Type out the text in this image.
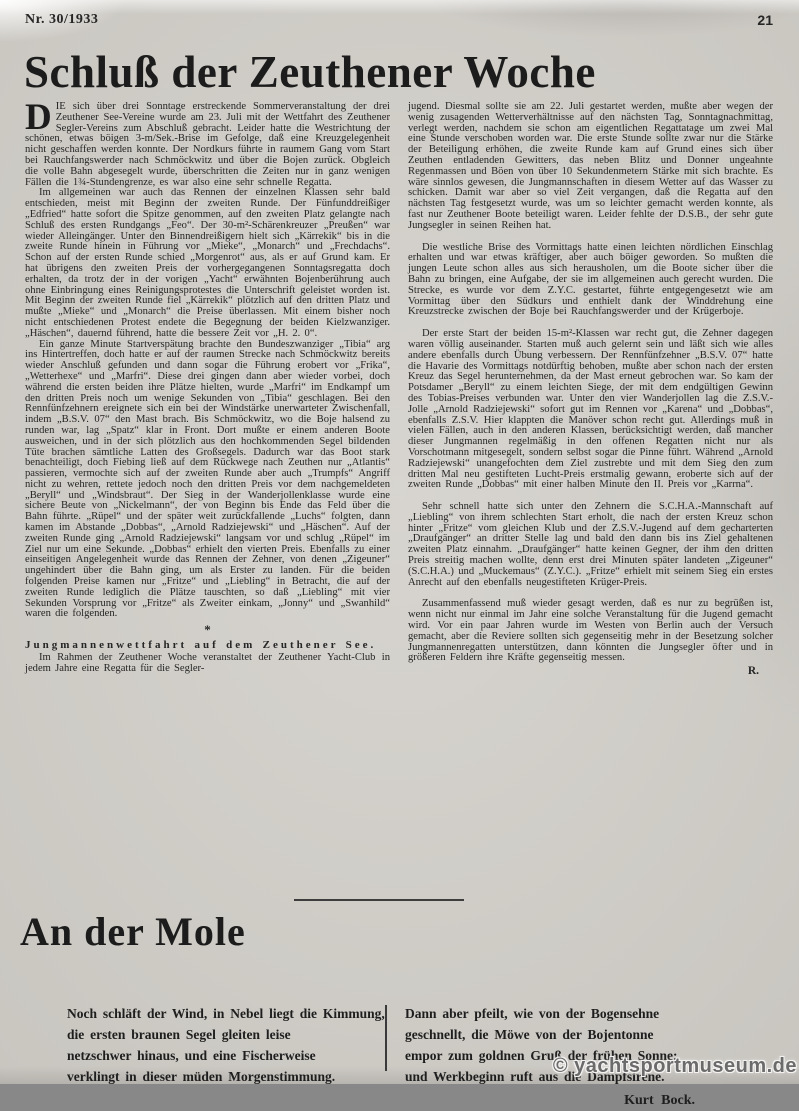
Nr. 30/1933	21
Schluß der Zeuthener Woche

DIE sich über drei Sonntage erstreckende Sommerveranstaltung der drei Zeuthener See-Vereine wurde am 23. Juli mit der Wettfahrt des Zeuthener Segler-Vereins zum Abschluß gebracht. Leider hatte die Westrichtung der schönen, etwas böigen 3-m/Sek.-Brise im Gefolge, daß eine Kreuzgelegenheit nicht geschaffen werden konnte. Der Nordkurs führte in raumem Gang vom Start bei Rauchfangswerder nach Schmöckwitz und über die Bojen zurück. Obgleich die volle Bahn abgesegelt wurde, überschritten die Zeiten nur in ganz wenigen Fällen die 1¾-Stundengrenze, es war also eine sehr schnelle Regatta.

Im allgemeinen war auch das Rennen der einzelnen Klassen sehr bald entschieden, meist mit Beginn der zweiten Runde. Der Fünfunddreißiger „Edfried“ hatte sofort die Spitze genommen, auf den zweiten Platz gelangte nach Schluß des ersten Rundgangs „Feo“. Der 30-m²-Schärenkreuzer „Preußen“ war wieder Alleingänger. Unter den Binnendreißigern hielt sich „Kärrekik“ bis in die zweite Runde hinein in Führung vor „Mieke“, „Monarch“ und „Frechdachs“. Schon auf der ersten Runde schied „Morgenrot“ aus, als er auf Grund kam. Er hat übrigens den zweiten Preis der vorhergegangenen Sonntagsregatta doch erhalten, da trotz der in der vorigen „Yacht“ erwähnten Bojenberührung auch ohne Einbringung eines Reinigungsprotestes die Unterschrift geleistet worden ist. Mit Beginn der zweiten Runde fiel „Kärrekik“ plötzlich auf den dritten Platz und mußte „Mieke“ und „Monarch“ die Preise überlassen. Mit einem bisher noch nicht entschiedenen Protest endete die Begegnung der beiden Kielzwanziger. „Häschen“, dauernd führend, hatte die bessere Zeit vor „H. 2. 0“.

Ein ganze Minute Startverspätung brachte den Bundeszwanziger „Tibia“ arg ins Hintertreffen, doch hatte er auf der raumen Strecke nach Schmöckwitz bereits wieder Anschluß gefunden und dann sogar die Führung erobert vor „Frika“, „Wetterhexe“ und „Marfri“. Diese drei gingen dann aber wieder vorbei, doch während die ersten beiden ihre Plätze hielten, wurde „Marfri“ im Endkampf um den dritten Preis noch um wenige Sekunden von „Tibia“ geschlagen. Bei den Rennfünfzehnern ereignete sich ein bei der Windstärke unerwarteter Zwischenfall, indem „B.S.V. 07“ den Mast brach. Bis Schmöckwitz, wo die Boje halsend zu runden war, lag „Spatz“ klar in Front. Dort mußte er einem anderen Boote ausweichen, und in der sich plötzlich aus den hochkommenden Segel bildenden Tüte brachen sämtliche Latten des Großsegels. Dadurch war das Boot stark benachteiligt, doch Fiebing ließ auf dem Rückwege nach Zeuthen nur „Atlantis“ passieren, vermochte sich auf der zweiten Runde aber auch „Trumpfs“ Angriff nicht zu wehren, rettete jedoch noch den dritten Preis vor dem nachgemeldeten „Beryll“ und „Windsbraut“. Der Sieg in der Wanderjollenklasse wurde eine sichere Beute von „Nickelmann“, der von Beginn bis Ende das Feld über die Bahn führte. „Rüpel“ und der später weit zurückfallende „Luchs“ folgten, dann kamen im Abstande „Dobbas“, „Arnold Radziejewski“ und „Häschen“. Auf der zweiten Runde ging „Arnold Radziejewski“ langsam vor und schlug „Rüpel“ im Ziel nur um eine Sekunde. „Dobbas“ erhielt den vierten Preis. Ebenfalls zu einer einseitigen Angelegenheit wurde das Rennen der Zehner, von denen „Zigeuner“ ungehindert über die Bahn ging, um als Erster zu landen. Für die beiden folgenden Preise kamen nur „Fritze“ und „Liebling“ in Betracht, die auf der zweiten Runde lediglich die Plätze tauschten, so daß „Liebling“ mit vier Sekunden Vorsprung vor „Fritze“ als Zweiter einkam, „Jonny“ und „Swanhild“ waren die folgenden.

*

Jungmannenwettfahrt auf dem Zeuthener See.

Im Rahmen der Zeuthener Woche veranstaltet der Zeuthener Yacht-Club in jedem Jahre eine Regatta für die Segler-

jugend. Diesmal sollte sie am 22. Juli gestartet werden, mußte aber wegen der wenig zusagenden Wetterverhältnisse auf den nächsten Tag, Sonntagnachmittag, verlegt werden, nachdem sie schon am eigentlichen Regattatage um zwei Mal eine Stunde verschoben worden war. Die erste Stunde sollte zwar nur die Stärke der Beteiligung erhöhen, die zweite Runde kam auf Grund eines sich über Zeuthen entladenden Gewitters, das neben Blitz und Donner ungeahnte Regenmassen und Böen von über 10 Sekundenmetern Stärke mit sich brachte. Es wäre sinnlos gewesen, die Jungmannschaften in diesem Wetter auf das Wasser zu schicken. Damit war aber so viel Zeit vergangen, daß die Regatta auf den nächsten Tag festgesetzt wurde, was um so leichter gemacht werden konnte, als fast nur Zeuthener Boote beteiligt waren. Leider fehlte der D.S.B., der sehr gute Jungsegler in seinen Reihen hat.

Die westliche Brise des Vormittags hatte einen leichten nördlichen Einschlag erhalten und war etwas kräftiger, aber auch böiger geworden. So mußten die jungen Leute schon alles aus sich herausholen, um die Boote sicher über die Bahn zu bringen, eine Aufgabe, der sie im allgemeinen auch gerecht wurden. Die Strecke, es wurde vor dem Z.Y.C. gestartet, führte entgegengesetzt wie am Vormittag über den Südkurs und enthielt dank der Winddrehung eine Kreuzstrecke zwischen der Boje bei Rauchfangswerder und der Krügerboje.

Der erste Start der beiden 15-m²-Klassen war recht gut, die Zehner dagegen waren völlig auseinander. Starten muß auch gelernt sein und läßt sich wie alles andere ebenfalls durch Übung verbessern. Der Rennfünfzehner „B.S.V. 07“ hatte die Havarie des Vormittags notdürftig behoben, mußte aber schon nach der ersten Kreuz das Segel herunternehmen, da der Mast erneut gebrochen war. So kam der Potsdamer „Beryll“ zu einem leichten Siege, der mit dem endgültigen Gewinn des Tobias-Preises verbunden war. Unter den vier Wanderjollen lag die Z.S.V.-Jolle „Arnold Radziejewski“ sofort gut im Rennen vor „Karena“ und „Dobbas“, ebenfalls Z.S.V. Hier klappten die Manöver schon recht gut. Allerdings muß in vielen Fällen, auch in den anderen Klassen, berücksichtigt werden, daß mancher dieser Jungmannen regelmäßig in den offenen Regatten nicht nur als Vorschotmann mitgesegelt, sondern selbst sogar die Pinne führt. Während „Arnold Radziejewski“ unangefochten dem Ziel zustrebte und mit dem Sieg den zum dritten Mal neu gestifteten Lucht-Preis erstmalig gewann, eroberte sich auf der zweiten Runde „Dobbas“ mit einer halben Minute den II. Preis vor „Karrna“.

Sehr schnell hatte sich unter den Zehnern die S.C.H.A.-Mannschaft auf „Liebling“ von ihrem schlechten Start erholt, die nach der ersten Kreuz schon hinter „Fritze“ vom gleichen Klub und der Z.S.V.-Jugend auf dem gecharterten „Draufgänger“ an dritter Stelle lag und bald den dann bis ins Ziel gehaltenen zweiten Platz einnahm. „Draufgänger“ hatte keinen Gegner, der ihm den dritten Preis streitig machen wollte, denn erst drei Minuten später landeten „Zigeuner“ (S.C.H.A.) und „Muckemaus“ (Z.Y.C.). „Fritze“ erhielt mit seinem Sieg ein erstes Anrecht auf den ebenfalls neugestifteten Krüger-Preis.

Zusammenfassend muß wieder gesagt werden, daß es nur zu begrüßen ist, wenn nicht nur einmal im Jahr eine solche Veranstaltung für die Jugend gemacht wird. Vor ein paar Jahren wurde im Westen von Berlin auch der Versuch gemacht, aber die Reviere sollten sich gegenseitig mehr in der Besetzung solcher Jungmannenregatten unterstützen, dann könnten die Jungsegler öfter und in größeren Feldern ihre Kräfte gegenseitig messen.

R.

An der Mole
Noch schläft der Wind, in Nebel liegt die Kimmung,
die ersten braunen Segel gleiten leise
netzschwer hinaus, und eine Fischerweise
verklingt in dieser müden Morgenstimmung.
Dann aber pfeilt, wie von der Bogensehne
geschnellt, die Möwe von der Bojentonne
empor zum goldnen Gruß der frühen Sonne;
und Werkbeginn ruft aus die Dampfsirene.
Kurt Bock.
© yachtsportmuseum.de
